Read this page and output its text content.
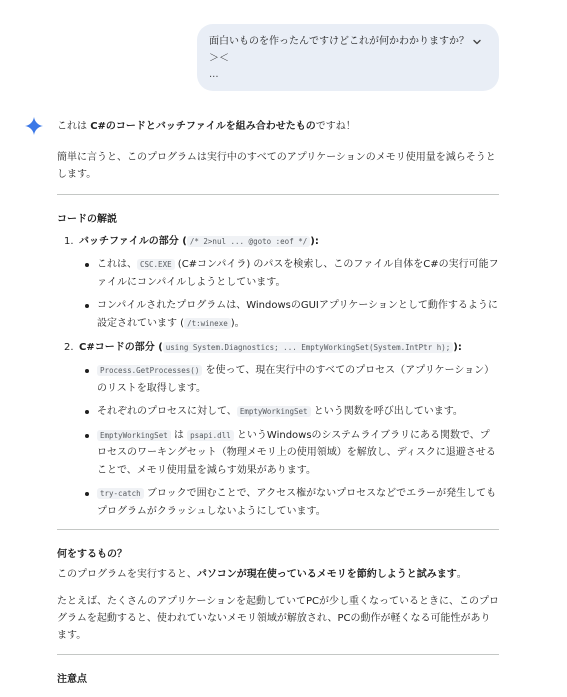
面白いものを作ったんですけどこれが何かわかりますか？＞＜
...

これは C#のコードとバッチファイルを組み合わせたものですね！

簡単に言うと、このプログラムは実行中のすべてのアプリケーションのメモリ使用量を減らそうとします。

コードの解説

1. バッチファイルの部分 ( /* 2>nul ... @goto :eof */ ):
これは、 CSC.EXE (C#コンパイラ) のパスを検索し、このファイル自体をC#の実行可能ファイルにコンパイルしようとしています。
コンパイルされたプログラムは、WindowsのGUIアプリケーションとして動作するように設定されています ( /t:winexe )。
2. C#コードの部分 ( using System.Diagnostics; ... EmptyWorkingSet(System.IntPtr h); ):
Process.GetProcesses() を使って、現在実行中のすべてのプロセス（アプリケーション）のリストを取得します。
それぞれのプロセスに対して、 EmptyWorkingSet という関数を呼び出しています。
EmptyWorkingSet は psapi.dll というWindowsのシステムライブラリにある関数で、プロセスのワーキングセット（物理メモリ上の使用領域）を解放し、ディスクに退避させることで、メモリ使用量を減らす効果があります。
try-catch ブロックで囲むことで、アクセス権がないプロセスなどでエラーが発生してもプログラムがクラッシュしないようにしています。

何をするもの？

このプログラムを実行すると、パソコンが現在使っているメモリを節約しようと試みます。

たとえば、たくさんのアプリケーションを起動していてPCが少し重くなっているときに、このプログラムを起動すると、使われていないメモリ領域が解放され、PCの動作が軽くなる可能性があります。

注意点
